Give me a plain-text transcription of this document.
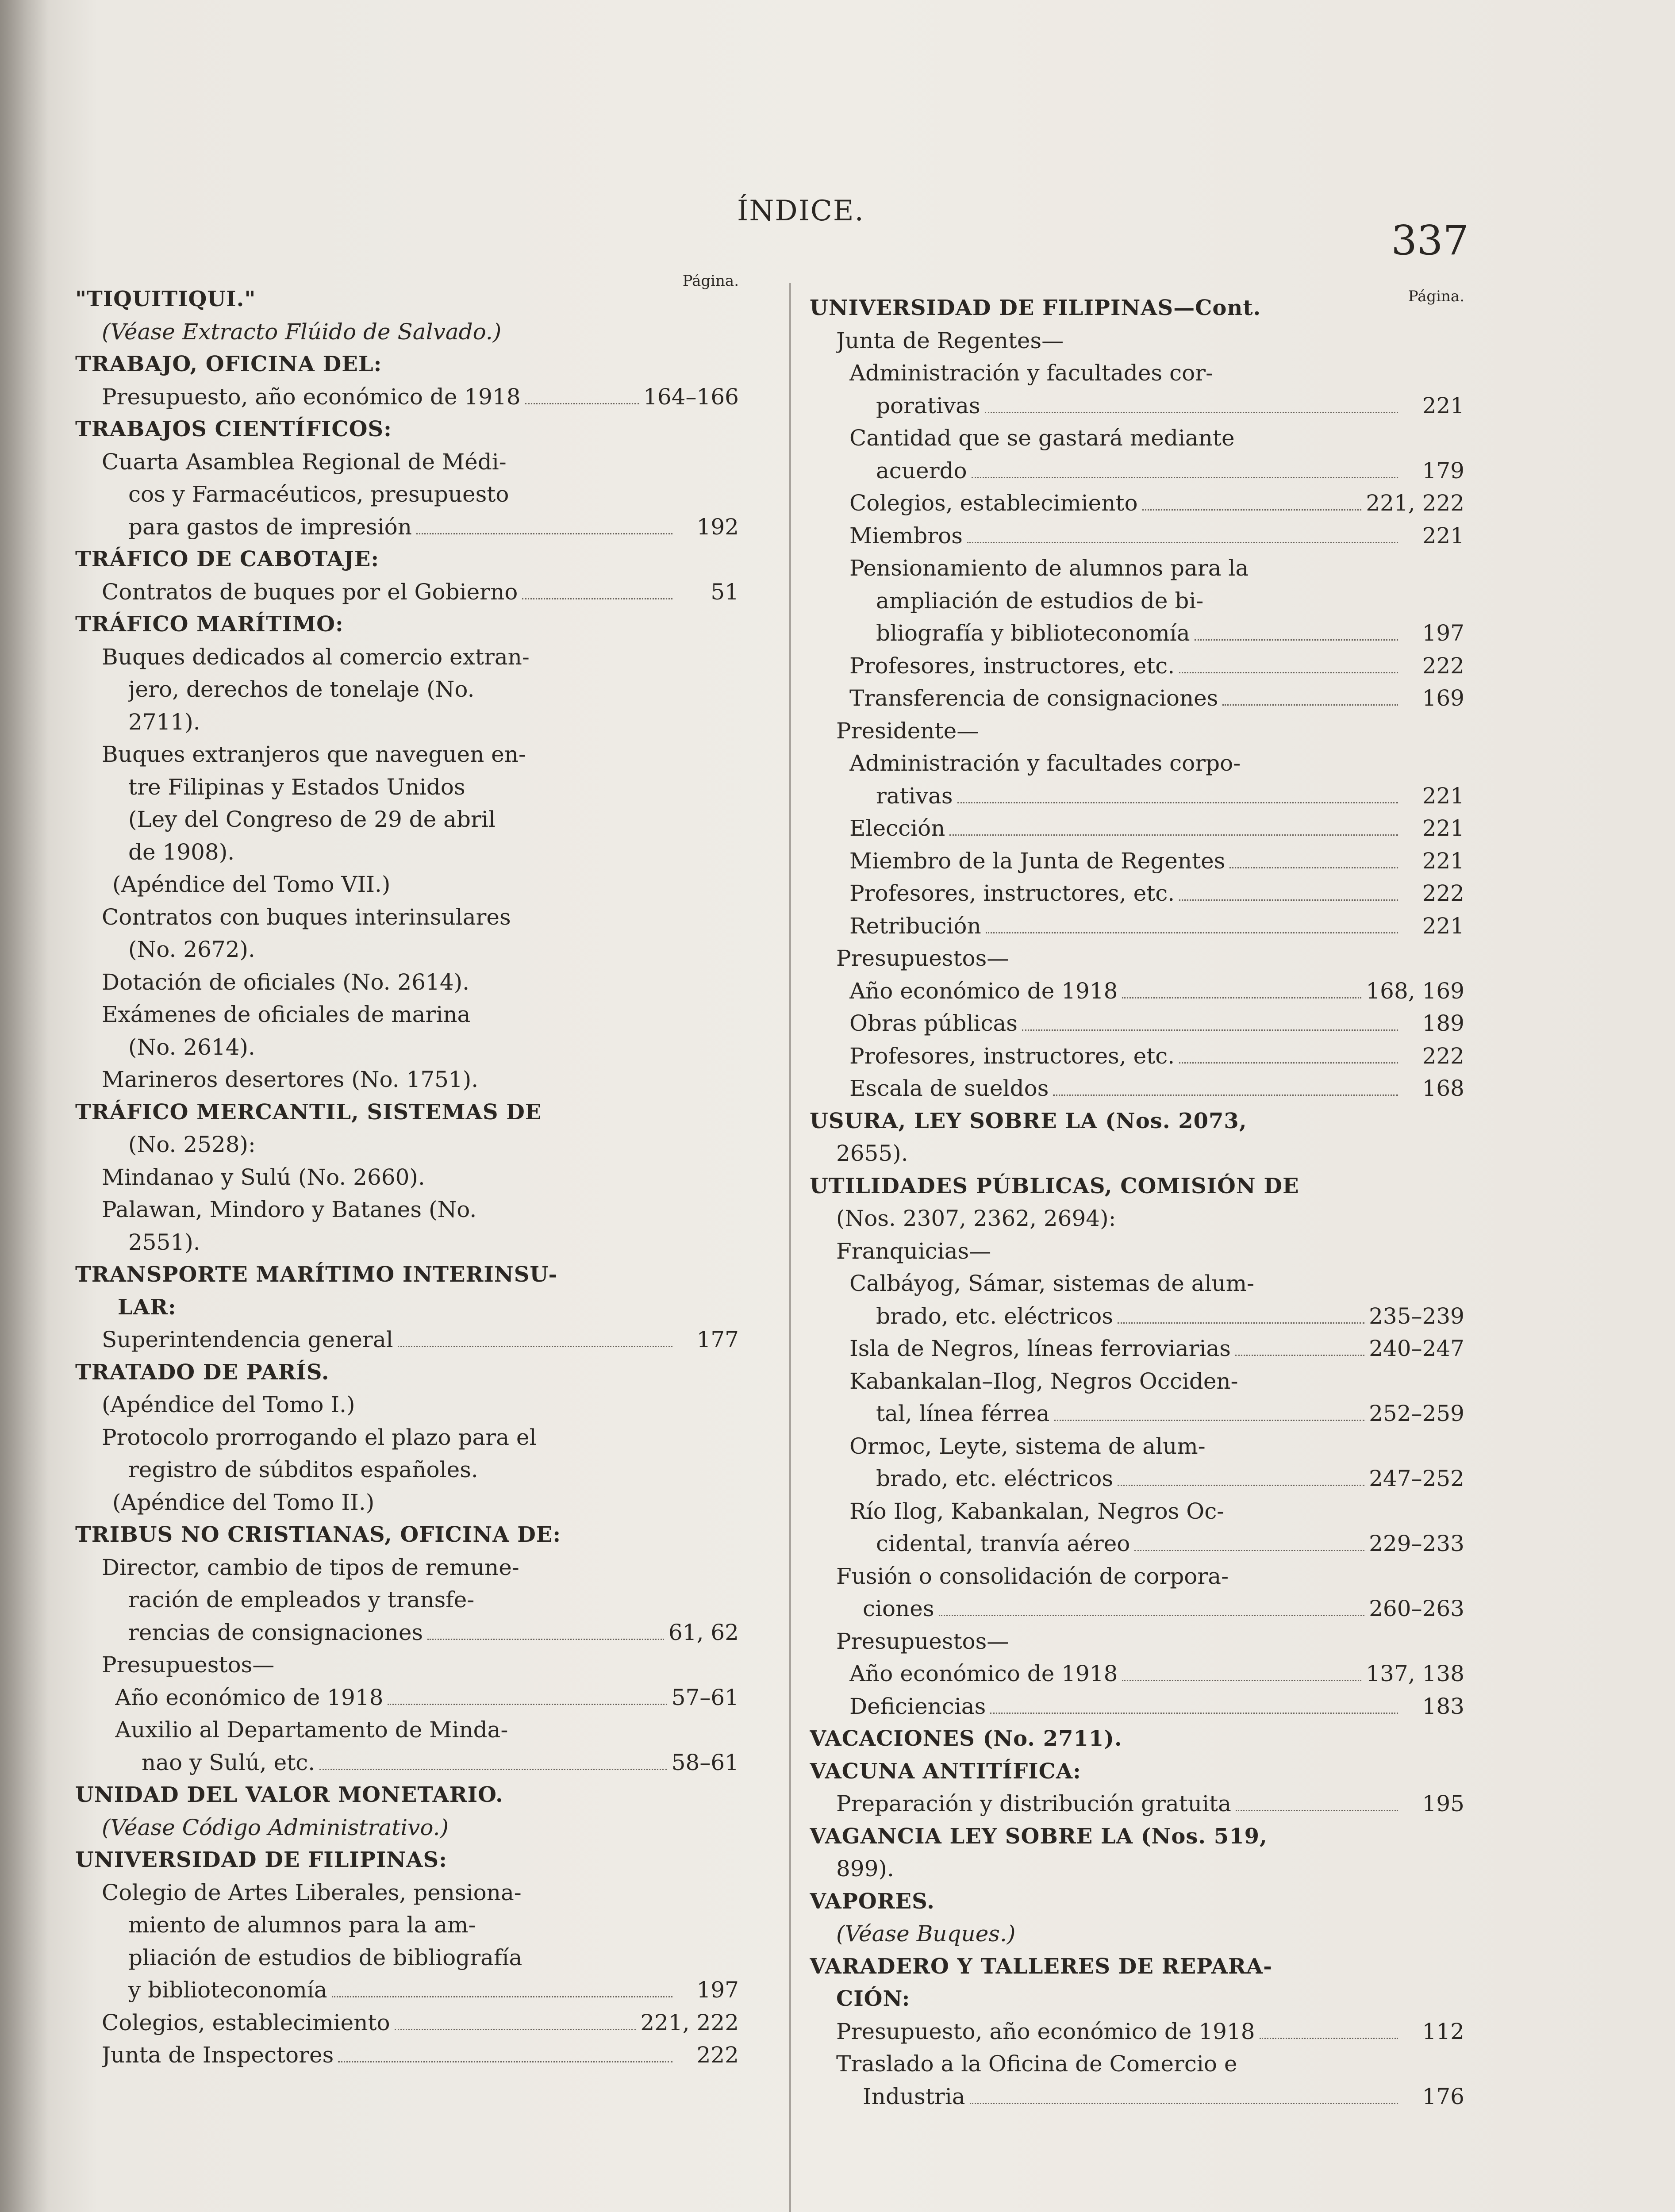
ÍNDICE.
337
Página.
Página.
"TIQUITIQUI."
(Véase Extracto Flúido de Salvado.)
TRABAJO, OFICINA DEL:
Presupuesto, año económico de 1918	164–166
TRABAJOS CIENTÍFICOS:
Cuarta Asamblea Regional de Médi-
cos y Farmacéuticos, presupuesto
para gastos de impresión	192
TRÁFICO DE CABOTAJE:
Contratos de buques por el Gobierno	51
TRÁFICO MARÍTIMO:
Buques dedicados al comercio extran-
jero, derechos de tonelaje (No.
2711).
Buques extranjeros que naveguen en-
tre Filipinas y Estados Unidos
(Ley del Congreso de 29 de abril
de 1908).
(Apéndice del Tomo VII.)
Contratos con buques interinsulares
(No. 2672).
Dotación de oficiales (No. 2614).
Exámenes de oficiales de marina
(No. 2614).
Marineros desertores (No. 1751).
TRÁFICO MERCANTIL, SISTEMAS DE
(No. 2528):
Mindanao y Sulú (No. 2660).
Palawan, Mindoro y Batanes (No.
2551).
TRANSPORTE MARÍTIMO INTERINSU-
LAR:
Superintendencia general	177
TRATADO DE PARÍS.
(Apéndice del Tomo I.)
Protocolo prorrogando el plazo para el
registro de súbditos españoles.
(Apéndice del Tomo II.)
TRIBUS NO CRISTIANAS, OFICINA DE:
Director, cambio de tipos de remune-
ración de empleados y transfe-
rencias de consignaciones	61, 62
Presupuestos—
Año económico de 1918	57–61
Auxilio al Departamento de Minda-
nao y Sulú, etc.	58–61
UNIDAD DEL VALOR MONETARIO.
(Véase Código Administrativo.)
UNIVERSIDAD DE FILIPINAS:
Colegio de Artes Liberales, pensiona-
miento de alumnos para la am-
pliación de estudios de bibliografía
y biblioteconomía	197
Colegios, establecimiento	221, 222
Junta de Inspectores	222
UNIVERSIDAD DE FILIPINAS—Cont.
Junta de Regentes—
Administración y facultades cor-
porativas	221
Cantidad que se gastará mediante
acuerdo	179
Colegios, establecimiento	221, 222
Miembros	221
Pensionamiento de alumnos para la
ampliación de estudios de bi-
bliografía y biblioteconomía	197
Profesores, instructores, etc.	222
Transferencia de consignaciones	169
Presidente—
Administración y facultades corpo-
rativas	221
Elección	221
Miembro de la Junta de Regentes	221
Profesores, instructores, etc.	222
Retribución	221
Presupuestos—
Año económico de 1918	168, 169
Obras públicas	189
Profesores, instructores, etc.	222
Escala de sueldos	168
USURA, LEY SOBRE LA (Nos. 2073,
2655).
UTILIDADES PÚBLICAS, COMISIÓN DE
(Nos. 2307, 2362, 2694):
Franquicias—
Calbáyog, Sámar, sistemas de alum-
brado, etc. eléctricos	235–239
Isla de Negros, líneas ferroviarias	240–247
Kabankalan–Ilog, Negros Occiden-
tal, línea férrea	252–259
Ormoc, Leyte, sistema de alum-
brado, etc. eléctricos	247–252
Río Ilog, Kabankalan, Negros Oc-
cidental, tranvía aéreo	229–233
Fusión o consolidación de corpora-
ciones	260–263
Presupuestos—
Año económico de 1918	137, 138
Deficiencias	183
VACACIONES (No. 2711).
VACUNA ANTITÍFICA:
Preparación y distribución gratuita	195
VAGANCIA LEY SOBRE LA (Nos. 519,
899).
VAPORES.
(Véase Buques.)
VARADERO Y TALLERES DE REPARA-
CIÓN:
Presupuesto, año económico de 1918	112
Traslado a la Oficina de Comercio e
Industria	176
